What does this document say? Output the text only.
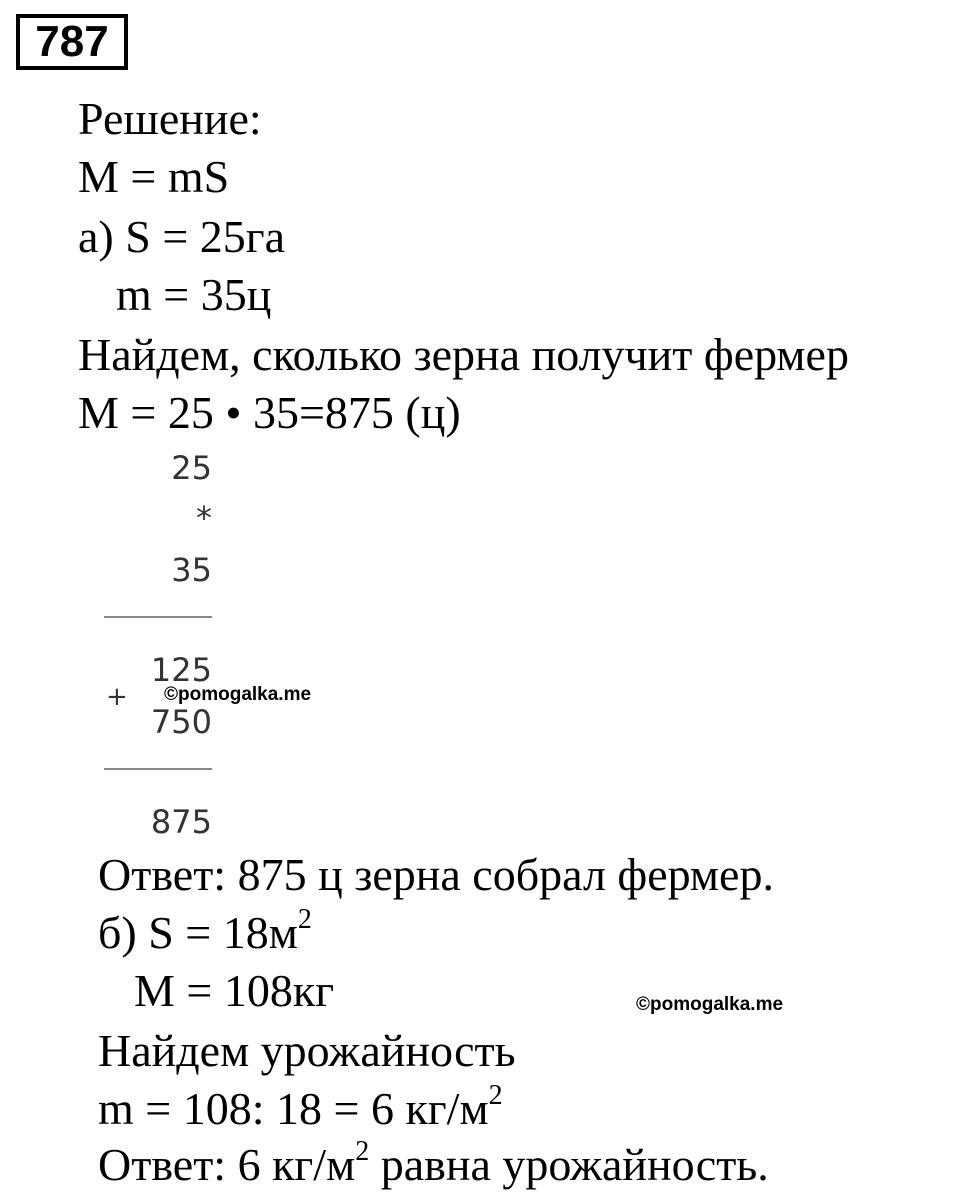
787
Решение:
M = mS
а) S = 25га
m = 35ц
Найдем, сколько зерна получит фермер
M = 25 • 35=875 (ц)
25
*
35
125
+
750
875
©pomogalka.me
Ответ: 875 ц зерна собрал фермер.
б) $S = 18м^2$
M = 108кг	©pomogalka.me
Найдем урожайность
m = 108: 18 = 6 $кг/м^2$
Ответ: 6 $кг/м^2$ равна урожайность.
